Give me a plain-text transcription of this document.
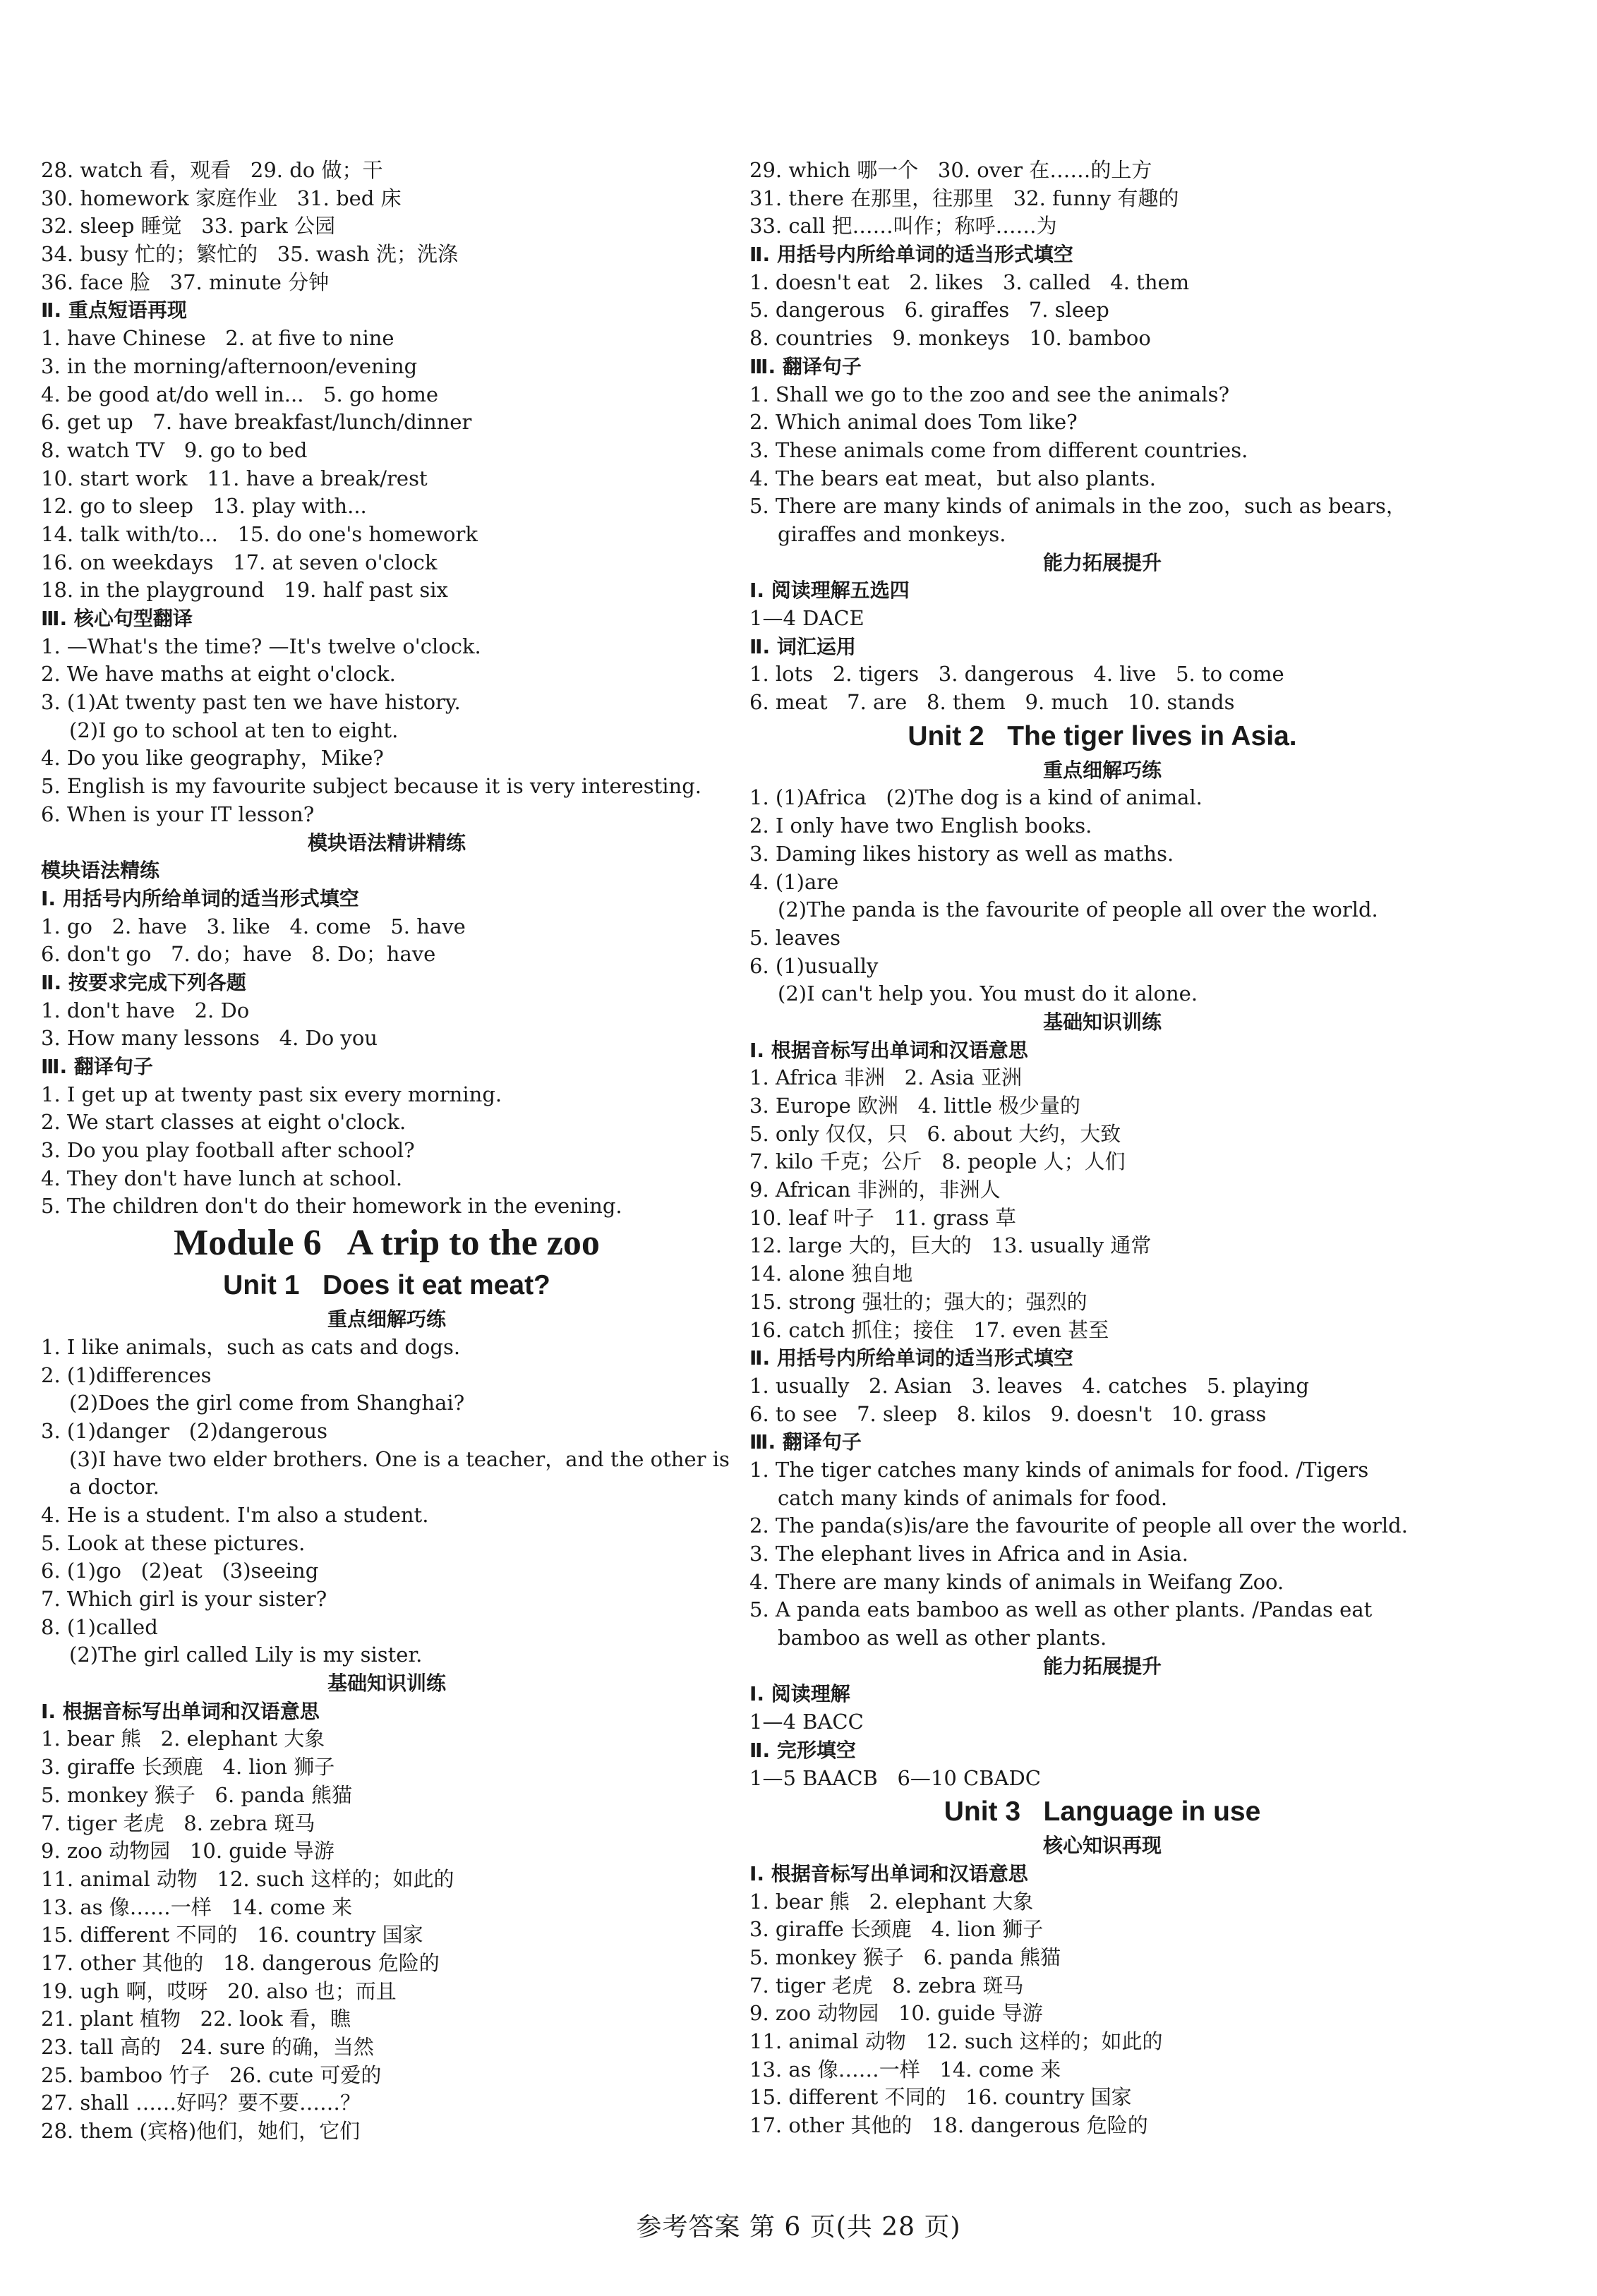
28. watch 看，观看   29. do 做；干
30. homework 家庭作业   31. bed 床
32. sleep 睡觉   33. park 公园
34. busy 忙的；繁忙的   35. wash 洗；洗涤
36. face 脸   37. minute 分钟
Ⅱ. 重点短语再现
1. have Chinese   2. at five to nine
3. in the morning/afternoon/evening
4. be good at/do well in...   5. go home
6. get up   7. have breakfast/lunch/dinner
8. watch TV   9. go to bed
10. start work   11. have a break/rest
12. go to sleep   13. play with...
14. talk with/to...   15. do one's homework
16. on weekdays   17. at seven o'clock
18. in the playground   19. half past six
Ⅲ. 核心句型翻译
1. —What's the time? —It's twelve o'clock.
2. We have maths at eight o'clock.
3. (1)At twenty past ten we have history.
(2)I go to school at ten to eight.
4. Do you like geography，Mike?
5. English is my favourite subject because it is very interesting.
6. When is your IT lesson?
模块语法精讲精练
模块语法精练
Ⅰ. 用括号内所给单词的适当形式填空
1. go   2. have   3. like   4. come   5. have
6. don't go   7. do；have   8. Do；have
Ⅱ. 按要求完成下列各题
1. don't have   2. Do
3. How many lessons   4. Do you
Ⅲ. 翻译句子
1. I get up at twenty past six every morning.
2. We start classes at eight o'clock.
3. Do you play football after school?
4. They don't have lunch at school.
5. The children don't do their homework in the evening.
Module 6   A trip to the zoo
Unit 1   Does it eat meat?
重点细解巧练
1. I like animals，such as cats and dogs.
2. (1)differences
(2)Does the girl come from Shanghai?
3. (1)danger   (2)dangerous
(3)I have two elder brothers. One is a teacher，and the other is
a doctor.
4. He is a student. I'm also a student.
5. Look at these pictures.
6. (1)go   (2)eat   (3)seeing
7. Which girl is your sister?
8. (1)called
(2)The girl called Lily is my sister.
基础知识训练
Ⅰ. 根据音标写出单词和汉语意思
1. bear 熊   2. elephant 大象
3. giraffe 长颈鹿   4. lion 狮子
5. monkey 猴子   6. panda 熊猫
7. tiger 老虎   8. zebra 斑马
9. zoo 动物园   10. guide 导游
11. animal 动物   12. such 这样的；如此的
13. as 像……一样   14. come 来
15. different 不同的   16. country 国家
17. other 其他的   18. dangerous 危险的
19. ugh 啊，哎呀   20. also 也；而且
21. plant 植物   22. look 看，瞧
23. tall 高的   24. sure 的确，当然
25. bamboo 竹子   26. cute 可爱的
27. shall ……好吗？要不要……？
28. them (宾格)他们，她们，它们
29. which 哪一个   30. over 在……的上方
31. there 在那里，往那里   32. funny 有趣的
33. call 把……叫作；称呼……为
Ⅱ. 用括号内所给单词的适当形式填空
1. doesn't eat   2. likes   3. called   4. them
5. dangerous   6. giraffes   7. sleep
8. countries   9. monkeys   10. bamboo
Ⅲ. 翻译句子
1. Shall we go to the zoo and see the animals?
2. Which animal does Tom like?
3. These animals come from different countries.
4. The bears eat meat，but also plants.
5. There are many kinds of animals in the zoo，such as bears，
giraffes and monkeys.
能力拓展提升
Ⅰ. 阅读理解五选四
1—4 DACE
Ⅱ. 词汇运用
1. lots   2. tigers   3. dangerous   4. live   5. to come
6. meat   7. are   8. them   9. much   10. stands
Unit 2   The tiger lives in Asia.
重点细解巧练
1. (1)Africa   (2)The dog is a kind of animal.
2. I only have two English books.
3. Daming likes history as well as maths.
4. (1)are
(2)The panda is the favourite of people all over the world.
5. leaves
6. (1)usually
(2)I can't help you. You must do it alone.
基础知识训练
Ⅰ. 根据音标写出单词和汉语意思
1. Africa 非洲   2. Asia 亚洲
3. Europe 欧洲   4. little 极少量的
5. only 仅仅，只   6. about 大约，大致
7. kilo 千克；公斤   8. people 人；人们
9. African 非洲的，非洲人
10. leaf 叶子   11. grass 草
12. large 大的，巨大的   13. usually 通常
14. alone 独自地
15. strong 强壮的；强大的；强烈的
16. catch 抓住；接住   17. even 甚至
Ⅱ. 用括号内所给单词的适当形式填空
1. usually   2. Asian   3. leaves   4. catches   5. playing
6. to see   7. sleep   8. kilos   9. doesn't   10. grass
Ⅲ. 翻译句子
1. The tiger catches many kinds of animals for food. /Tigers
catch many kinds of animals for food.
2. The panda(s)is/are the favourite of people all over the world.
3. The elephant lives in Africa and in Asia.
4. There are many kinds of animals in Weifang Zoo.
5. A panda eats bamboo as well as other plants. /Pandas eat
bamboo as well as other plants.
能力拓展提升
Ⅰ. 阅读理解
1—4 BACC
Ⅱ. 完形填空
1—5 BAACB   6—10 CBADC
Unit 3   Language in use
核心知识再现
Ⅰ. 根据音标写出单词和汉语意思
1. bear 熊   2. elephant 大象
3. giraffe 长颈鹿   4. lion 狮子
5. monkey 猴子   6. panda 熊猫
7. tiger 老虎   8. zebra 斑马
9. zoo 动物园   10. guide 导游
11. animal 动物   12. such 这样的；如此的
13. as 像……一样   14. come 来
15. different 不同的   16. country 国家
17. other 其他的   18. dangerous 危险的
参考答案 第 6 页(共 28 页)
